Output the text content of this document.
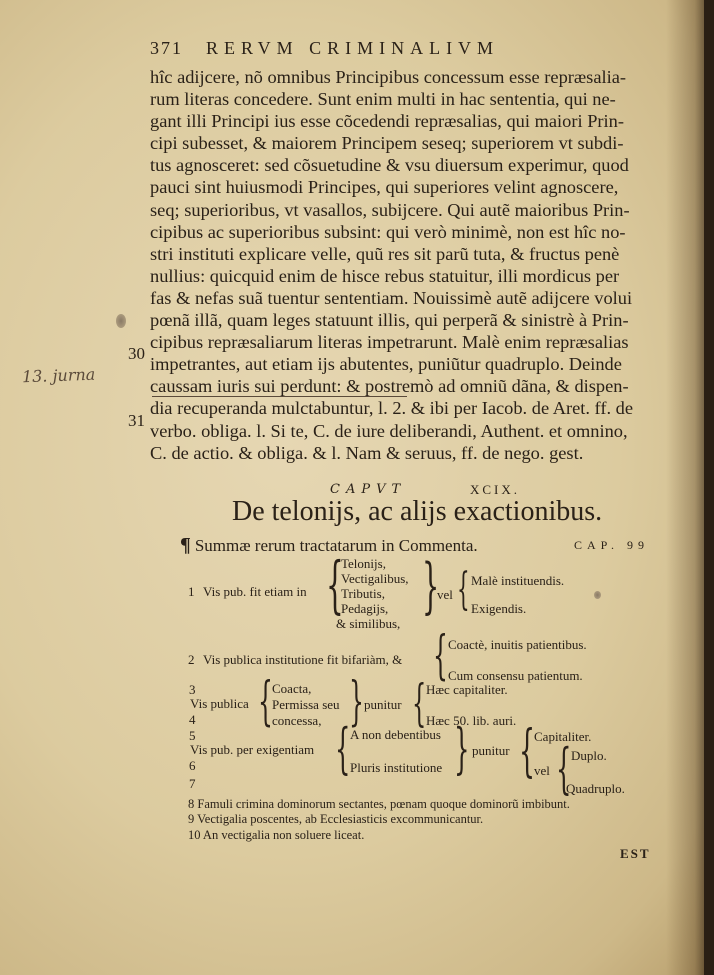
371 RERVM CRIMINALIVM
hîc adijcere, nõ omnibus Principibus concessum esse repræsalia-
rum literas concedere. Sunt enim multi in hac sententia, qui ne-
gant illi Principi ius esse cõcedendi repræsalias, qui maiori Prin-
cipi subesset, & maiorem Principem seseq; superiorem vt subdi-
tus agnosceret: sed cõsuetudine & vsu diuersum experimur, quod
pauci sint huiusmodi Principes, qui superiores velint agnoscere,
seq; superioribus, vt vasallos, subijcere. Qui autẽ maioribus Prin-
cipibus ac superioribus subsint: qui verò minimè, non est hîc no-
stri instituti explicare velle, quũ res sit parũ tuta, & fructus penè
nullius: quicquid enim de hisce rebus statuitur, illi mordicus per
fas & nefas suã tuentur sententiam. Nouissimè autẽ adijcere volui
pœnã illã, quam leges statuunt illis, qui perperã & sinistrè à Prin-
cipibus repræsaliarum literas impetrarunt. Malè enim repræsalias
impetrantes, aut etiam ijs abutentes, puniũtur quadruplo. Deinde
caussam iuris sui perdunt: & postremò ad omniũ dãna, & dispen-
dia recuperanda mulctabuntur, l. 2. & ibi per Iacob. de Aret. ff. de
verbo. obliga. l. Si te, C. de iure deliberandi, Authent. et omnino,
C. de actio. & obliga. & l. Nam & seruus, ff. de nego. gest.
30
31
13. jurna
CAPVT	XCIX.
De telonijs, ac alijs exactionibus.
¶ Summæ rerum tractatarum in Commenta.	CAP. 99
1 Vis pub. fit etiam in {
Telonijs,
Vectigalibus,
Tributis,
Pedagijs,
& similibus,
}
vel { Malè instituendis.
Exigendis.
2 Vis publica institutione fit bifariàm, & { Coactè, inuitis patientibus.
Cum consensu patientum.
3
Vis publica
4 { Coacta,
Permissa seu
concessa, } punitur { Hæc capitaliter.
Hæc 50. lib. auri.
5
Vis pub. per exigentiam
6
7
{ A non debentibus
Pluris institutione } punitur {
Capitaliter.
vel { Duplo.
Quadruplo.
8 Famuli crimina dominorum sectantes, pœnam quoque dominorũ imbibunt.
9 Vectigalia poscentes, ab Ecclesiasticis excommunicantur.
10 An vectigalia non soluere liceat.
EST
